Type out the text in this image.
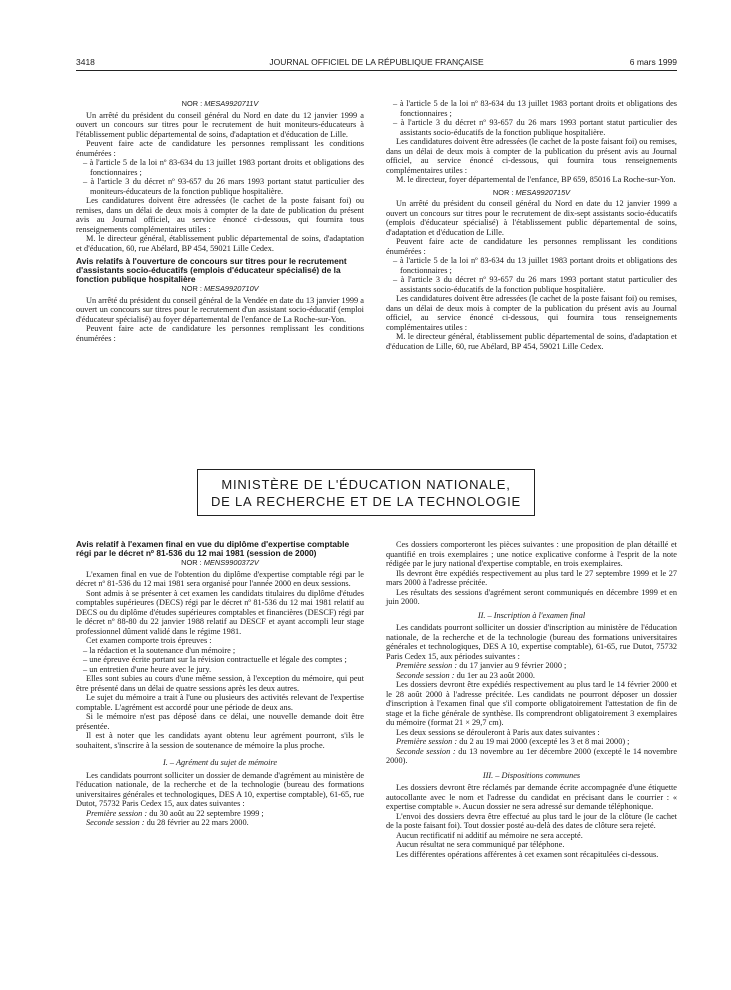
3418	JOURNAL OFFICIEL DE LA RÉPUBLIQUE FRANÇAISE	6 mars 1999
NOR : MESA9920711V

Un arrêté du président du conseil général du Nord en date du 12 janvier 1999 a ouvert un concours sur titres pour le recrutement de huit moniteurs-éducateurs à l'établissement public départemental de soins, d'adaptation et d'éducation de Lille.

Peuvent faire acte de candidature les personnes remplissant les conditions énumérées :

– à l'article 5 de la loi nº 83-634 du 13 juillet 1983 portant droits et obligations des fonctionnaires ;
– à l'article 3 du décret nº 93-657 du 26 mars 1993 portant statut particulier des moniteurs-éducateurs de la fonction publique hospitalière.

Les candidatures doivent être adressées (le cachet de la poste faisant foi) ou remises, dans un délai de deux mois à compter de la date de publication du présent avis au Journal officiel, au service énoncé ci-dessous, qui fournira tous renseignements complémentaires utiles :

M. le directeur général, établissement public départemental de soins, d'adaptation et d'éducation, 60, rue Abélard, BP 454, 59021 Lille Cedex.

Avis relatifs à l'ouverture de concours sur titres pour le recrutement d'assistants socio-éducatifs (emplois d'éducateur spécialisé) de la fonction publique hospitalière

NOR : MESA9920710V

Un arrêté du président du conseil général de la Vendée en date du 13 janvier 1999 a ouvert un concours sur titres pour le recrutement d'un assistant socio-éducatif (emploi d'éducateur spécialisé) au foyer départemental de l'enfance de La Roche-sur-Yon.

Peuvent faire acte de candidature les personnes remplissant les conditions énumérées :

– à l'article 5 de la loi nº 83-634 du 13 juillet 1983 portant droits et obligations des fonctionnaires ;
– à l'article 3 du décret nº 93-657 du 26 mars 1993 portant statut particulier des assistants socio-éducatifs de la fonction publique hospitalière.

Les candidatures doivent être adressées (le cachet de la poste faisant foi) ou remises, dans un délai de deux mois à compter de la publication du présent avis au Journal officiel, au service énoncé ci-dessous, qui fournira tous renseignements complémentaires utiles :

M. le directeur, foyer départemental de l'enfance, BP 659, 85016 La Roche-sur-Yon.

NOR : MESA9920715V

Un arrêté du président du conseil général du Nord en date du 12 janvier 1999 a ouvert un concours sur titres pour le recrutement de dix-sept assistants socio-éducatifs (emplois d'éducateur spécialisé) à l'établissement public départemental de soins, d'adaptation et d'éducation de Lille.

Peuvent faire acte de candidature les personnes remplissant les conditions énumérées :

– à l'article 5 de la loi nº 83-634 du 13 juillet 1983 portant droits et obligations des fonctionnaires ;
– à l'article 3 du décret nº 93-657 du 26 mars 1993 portant statut particulier des assistants socio-éducatifs de la fonction publique hospitalière.

Les candidatures doivent être adressées (le cachet de la poste faisant foi) ou remises, dans un délai de deux mois à compter de la publication du présent avis au Journal officiel, au service énoncé ci-dessous, qui fournira tous renseignements complémentaires utiles :

M. le directeur général, établissement public départemental de soins, d'adaptation et d'éducation de Lille, 60, rue Abélard, BP 454, 59021 Lille Cedex.

MINISTÈRE DE L'ÉDUCATION NATIONALE,
DE LA RECHERCHE ET DE LA TECHNOLOGIE

Avis relatif à l'examen final en vue du diplôme d'expertise comptable régi par le décret nº 81-536 du 12 mai 1981 (session de 2000)

NOR : MENS9900372V

L'examen final en vue de l'obtention du diplôme d'expertise comptable régi par le décret nº 81-536 du 12 mai 1981 sera organisé pour l'année 2000 en deux sessions.

Sont admis à se présenter à cet examen les candidats titulaires du diplôme d'études comptables supérieures (DECS) régi par le décret nº 81-536 du 12 mai 1981 relatif au DECS ou du diplôme d'études supérieures comptables et financières (DESCF) régi par le décret nº 88-80 du 22 janvier 1988 relatif au DESCF et ayant accompli leur stage professionnel dûment validé dans le régime 1981.

Cet examen comporte trois épreuves :

– la rédaction et la soutenance d'un mémoire ;
– une épreuve écrite portant sur la révision contractuelle et légale des comptes ;
– un entretien d'une heure avec le jury.

Elles sont subies au cours d'une même session, à l'exception du mémoire, qui peut être présenté dans un délai de quatre sessions après les deux autres.

Le sujet du mémoire a trait à l'une ou plusieurs des activités relevant de l'expertise comptable. L'agrément est accordé pour une période de deux ans.

Si le mémoire n'est pas déposé dans ce délai, une nouvelle demande doit être présentée.

Il est à noter que les candidats ayant obtenu leur agrément pourront, s'ils le souhaitent, s'inscrire à la session de soutenance de mémoire la plus proche.

I. – Agrément du sujet de mémoire

Les candidats pourront solliciter un dossier de demande d'agrément au ministère de l'éducation nationale, de la recherche et de la technologie (bureau des formations universitaires générales et technologiques, DES A 10, expertise comptable), 61-65, rue Dutot, 75732 Paris Cedex 15, aux dates suivantes :

Première session : du 30 août au 22 septembre 1999 ;

Seconde session : du 28 février au 22 mars 2000.

Ces dossiers comporteront les pièces suivantes : une proposition de plan détaillé et quantifié en trois exemplaires ; une notice explicative conforme à l'esprit de la note rédigée par le jury national d'expertise comptable, en trois exemplaires.

Ils devront être expédiés respectivement au plus tard le 27 septembre 1999 et le 27 mars 2000 à l'adresse précitée.

Les résultats des sessions d'agrément seront communiqués en décembre 1999 et en juin 2000.

II. – Inscription à l'examen final

Les candidats pourront solliciter un dossier d'inscription au ministère de l'éducation nationale, de la recherche et de la technologie (bureau des formations universitaires générales et technologiques, DES A 10, expertise comptable), 61-65, rue Dutot, 75732 Paris Cedex 15, aux périodes suivantes :

Première session : du 17 janvier au 9 février 2000 ;

Seconde session : du 1er au 23 août 2000.

Les dossiers devront être expédiés respectivement au plus tard le 14 février 2000 et le 28 août 2000 à l'adresse précitée. Les candidats ne pourront déposer un dossier d'inscription à l'examen final que s'il comporte obligatoirement l'attestation de fin de stage et la fiche générale de synthèse. Ils comprendront obligatoirement 3 exemplaires du mémoire (format 21 × 29,7 cm).

Les deux sessions se dérouleront à Paris aux dates suivantes :

Première session : du 2 au 19 mai 2000 (excepté les 3 et 8 mai 2000) ;

Seconde session : du 13 novembre au 1er décembre 2000 (excepté le 14 novembre 2000).

III. – Dispositions communes

Les dossiers devront être réclamés par demande écrite accompagnée d'une étiquette autocollante avec le nom et l'adresse du candidat en précisant dans le courrier : « expertise comptable ». Aucun dossier ne sera adressé sur demande téléphonique.

L'envoi des dossiers devra être effectué au plus tard le jour de la clôture (le cachet de la poste faisant foi). Tout dossier posté au-delà des dates de clôture sera rejeté.

Aucun rectificatif ni additif au mémoire ne sera accepté.

Aucun résultat ne sera communiqué par téléphone.

Les différentes opérations afférentes à cet examen sont récapitulées ci-dessous.
